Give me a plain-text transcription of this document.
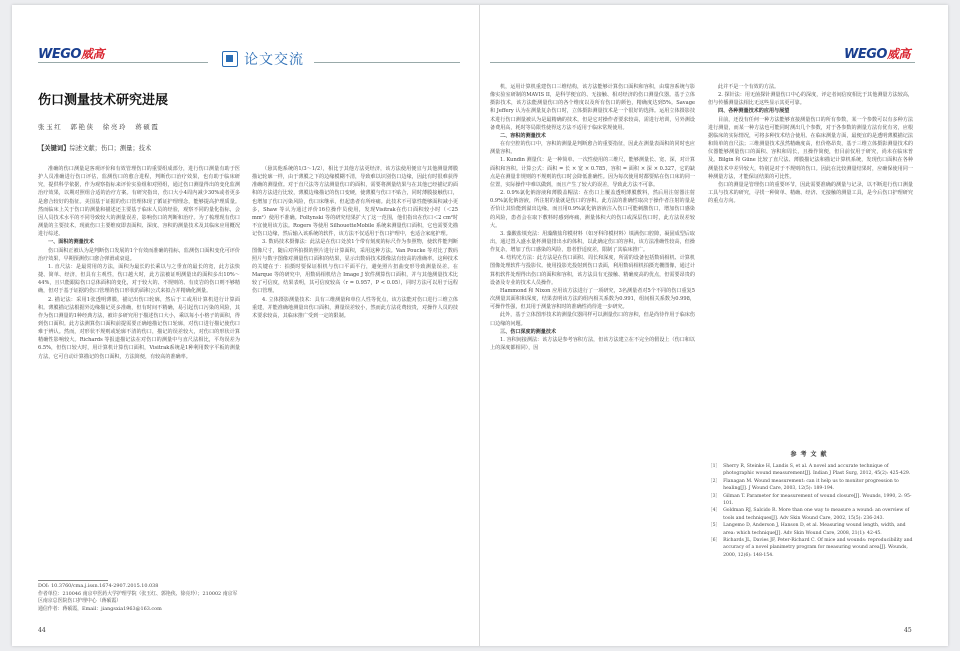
WEGO威高	论文交流
伤口测量技术研究进展
张玉红　郭艳侠　徐亮玲　蒋硕霞
【关键词】综述文献；伤口；测量；技术

准确的伤口测量是客观评价和有效管理伤口的重要组成部分，进行伤口测量有助于医护人员准确进行伤口评估，监测伤口的愈合进程，判断伤口治疗效果，也有助于临床研究，提供科学依据，作为观察指标来评价实验组和对照组，通过伤口测量得出的变化监测治疗效果，以期对照组合适的治疗方案。有研究指出，伤口大小4周内减少30%或者更多是愈合较好的指征。美国基于证据的伤口管理体现了循证护理理念，能够提高护理质量。然而临床上关于伤口的测量和描述还主要基于临床人员的经验，观察不同的量化指标，会因人员技术水平的不同导致较大的测量误差，影响伤口的判断和治疗。为了梳理现有伤口测量的主要技术，现就伤口主要维度即表面积、深度、容积的测量技术及其临床应用概况进行综述。

一、面积的测量技术

伤口面积正被认为是判断伤口发展的1个有效而准确的指标，监测伤口面积变化可评价治疗效果，早期预测伤口愈合弹滑或衰退。

1. 直尺法：是最常用的方法，面积为最长的长乘以与之垂直的最长的宽，此方法快捷、简单、经济，但具有主观性，伤口越大时，此方法被证明测量出的面积多出10%～44%，且只能跟踪伤口总体面积的变化，对于较大的、不规则的、有皮岩的伤口则不够精确，但对于基于证据的伤口管理的伤口形状的面积公式来拟合并精确化测量。

2. 描记法：采用1张透明薄膜，描记出伤口轮廓，然后于工或用计算机进行计算面积。薄膜描记法根据外边缘描记更多准确，但有时间不精确，易引起伤口污染的风险，其作为伤口测量的1种经典方法，被许多研究用于描述伤口大小，乘以每小小格子的面积，得到伤口面积。此方法测算伤口面积前提需要正确地描记伤口轮廓，对伤口进行描记使伤口难于辨认。然而，对形状不规则或轮廓不清的伤口，描记的误差较大，对伤口的形状计算精确性影响较大。Richards 等报道描记法在对伤口的测量中与直尺法相比，平均误差为6.5%，但伤口较大时，用计算机计算伤口面积，Visitrak系统是1种利用数字平板的测量方法，它可自动计算描记的伤口面积，方法简便，有较高的准确率。

（悬其他系统的1/3～1/2），相比于其他方法更经济，该方法使用便宜与其他测量薄膜描记轮廓一样，由于薄膜之下的边缘模糊不清，导致难以识别伤口边缘，因此有时很难获得准确的测量值。对于直尺法等方法测量伤口的面积，需要将测量结果与在其他已经描记的面积的方法进行比较，薄膜边缘描记的伤口变硬，使薄膜与伤口不贴合，同时薄膜接触伤口，也增加了伤口污染风险，伤口床继承，但起患者有所疼痛。此技术不可靠性能够面积减小更多，Shaw 等认为通过评价16位操作员使用，发现Visitrak在伤口面积较小时（＜25 mm²）使用不准确。Foltynski 等的研究结果扩大了这一范围，他们指出在伤口＜2 cm²时不宜使用该方法。Rogers 等使用 SilhouetteMobile 系统来测量伤口面积，它也需要先描记伤口边缘，然后输入该系统的软件，该方法不仅适用于伤口护理中，也适合家庭护理。

3. 数码技术摄像法：此法是在伤口处放1个带有刻度的标尺作为参照物，使软件能判断图像尺寸，随后对所拍摄的照片进行计算面积，采用这种方法。Van Poucke 等对比了数码照片与数字图像对测量伤口面积的结果，显示出数码技术摄像法有较高的准确率。这种技术的关键在于：拍摄时要保证相机与伤口平面平行，避免照片扭曲变形导致测量误差。在Marque 等的研究中，用数码相机结合 Image J 软件测算伤口面积，并与其他测量技术比较了可信度，结果表明，其可信度较高（r = 0.957，P < 0.05），同时方法可以用于远程伤口管理。

4. 立体摄影测量技术：具有三维测量和单位人性等优点，该方法能对伤口进行三维立体重建，并能准确地测量出伤口面积，测量误差较小，然而此方法花费较贵，对操作人员的技术要求较高，其临床推广受到一定的限制。

DOI: 10.3760/cma.j.issn.1674-2907.2015.10.038
作者单位：210046 南京中医药大学护理学院（张玉红、郭艳侠、徐亮玲）；210002 南京军区南京总医院伤口护理中心（蒋硕霞）
通信作者：蒋硕霞，Email：jiangsxia1963@163.com
44
WEGO威高

机，运用计算机重建伤口三维结构，该方法能够计算伤口面积和容积，由瑞容系统与影像实验室研制的MAVIS II，是科学便宜的、无接触、相对经济的伤口测量仪器。基于立体摄影技术，该方法能测量伤口的各个维度以及所有伤口的颜色，精确度达到5%。Savage 和 Jeffery 认为在测量复杂伤口时，立体摄影测量技术是一个很好的选择。运用立体摄影技术进行伤口测量被认为是最精确的技术，但是它对操作者要求较高，需进行培训，另外测设备费用高，耗时等局限性使得这方法不适用于临床常规使用。

二、容积的测量技术

在有空腔的伤口中，容积的测量是判断愈合的重要指征，因此在测量表面积的同时也应测量容积。

1. Kundin 测量仪：是一种简单、一次性使用的三维尺，能够测量长、宽、深，对计算面积和容积。计算公式：面积 = 长 × 宽 × 0.785，容积 = 面积 × 深 × 0.327，它的缺点是在测量非规则的不规则的伤口时会降低准确性。因为每次使用时都要贴在伤口床的同一位置，实际操作中难以做到，而且产生了较大的误差，导致此方法不可靠。

2. 0.9%氯化钠溶液和薄膜盖帽法：在伤口上覆盖透明薄膜敷料，然后用注射器注射0.9%氯化钠溶液，所注射的量就是伤口的容积。此方法的准确性取决于操作者注射的量是否恰让其恰能到溢出边缘，而且用0.9%氯化钠溶液注入伤口可能刺激伤口，增加伤口感染的风险，患者会在取下敷料时感到疼痛，测量体积大的伤口或深层伤口时，此方法误差较大。

3. 藻酸盐填充法：用藻酸盐印模材料（如牙科印模材料）填满伤口腔隙，凝固成型后取出，通过置入盛水量杯测量排出水的体积，以此确定伤口的容积，该方法准确性较高，但操作复杂，增加了伤口感染的风险，患者舒适度差，限制了其临床推广。

4. 结构光方法：此方法是在伤口面积、周长和深度，所需的设备包括数码相机、计算机图像处理软件与投影仪。使用投影光投射到伤口表面，利用数码相机拍摄光栅图像，通过计算机软件处理得出伤口的面积和容积，该方法具有无接触、精确度高的优点，但需要昂贵的设备及专业的技术人员操作。

Hammond 和 Nixon 应用该方法进行了一项研究，3名测量者对5个不同的伤口重复5次测量其面积和深度，结果表明该方法的组内相关系数为0.991，组间相关系数为0.998，可操作性强，但其用于测量容积时的准确性尚待进一步研究。

此外，基于立体图形技术的测量仪器同样可以测量伤口的容积，但是尚待作用于临床伤口边缘的问题。

三、伤口深度的测量技术

1. 容积间接测法：该方法是参考容积方法，但该方法建立在不完全的假设上（伤口和以上的深度都相同），因

此并不是一个有效的方法。

2. 探针法：用无菌探针测量伤口中心的深度，评定者间信度相比于其他测量方法较高，但与传播测量法相比无这些显示其更可靠。

四、各种测量技术的应用与展望

目前，还没有任何一种方法能够直接测量伤口的所有参数，某一个参数可以有多种方法进行测量，而某一种方法也可能同时测出几个参数，对于各参数的测量方法有优有劣，应根据临床的实际情况，可将多种技术结合使用。在临床测量方面，最便宜的是透明薄膜描记法和简单的直尺法；三维测量技术虽然精确度高，但价格昂贵，基于三维立体摄影测量技术的仪器能够测量伤口的面积、容积和周长，且操作简便，但目前仅用于研究，尚未在临床普及。Bilgin 和 Güne 比较了直尺法、薄膜描记法和描记计算机系统，发现伤口面积在各种测量技术中差异较大，特别是对于不规则的伤口。因此在比较测量结果时，应确保使用同一种测量方法，才能保证结果的可比性。

伤口的测量是管理伤口的重要环节，因此需要准确的测量与记录，以不断进行伤口测量工具与技术的研究，寻找一种简单、精确、经济、无接触的测量工具，是今后伤口护理研究的重点方向。

参考文献
［1］ Sherry R, Steinke H, Landis S, et al. A novel and accurate technique of photographic wound measurement[J]. Indian J Plast Surg, 2012, 45(2): 425-429.
［2］ Flanagan M. Wound measurement: can it help us to monitor progression to healing[J]. J Wound Care, 2003, 12(5): 189-194.
［3］ Gilman T. Parameter for measurement of wound closure[J]. Wounds, 1990, 2: 95-101.
［4］ Goldman RJ, Salcido R. More than one way to measure a wound: an overview of tools and techniques[J]. Adv Skin Wound Care, 2002, 15(5): 236-243.
［5］ Langemo D, Anderson J, Hanson D, et al. Measuring wound length, width, and area: which technique[J]. Adv Skin Wound Care, 2008, 21(1): 42-45.
［6］ Richards JL, Davies JF, Peter-Richard C. Of mice and wounds: reproducibility and accuracy of a novel planimetry program for measuring wound area[J]. Wounds, 2000, 12(6): 148-154.
45
